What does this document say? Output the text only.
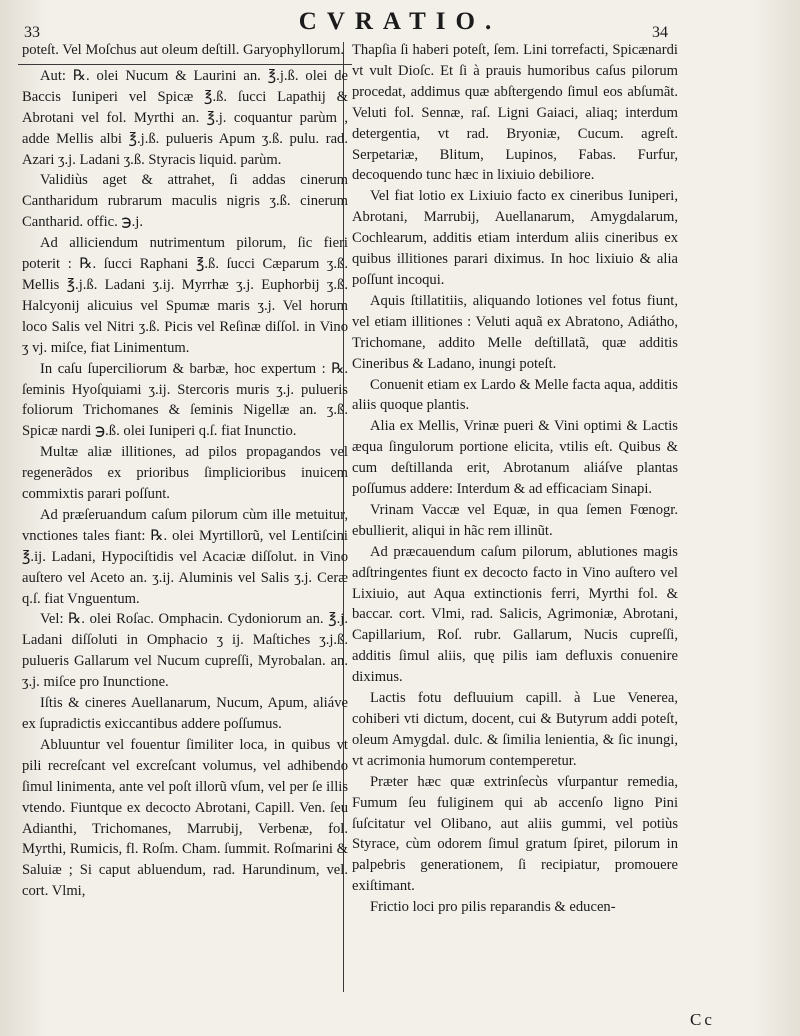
CVRATIO.
33	34

poteſt. Vel Moſchus aut oleum deſtill. Garyophyllorum.

Aut: ℞. olei Nucum & Laurini an. ℥.j.ß. olei de Baccis Iuniperi vel Spicæ ℥.ß. ſucci Lapathij & Abrotani vel fol. Myrthi an. ℥.j. coquantur parùm , adde Mellis albi ℥.j.ß. pulueris Apum ʒ.ß. pulu. rad. Azari ʒ.j. Ladani ʒ.ß. Styracis liquid. parùm.

Validiùs aget & attrahet, ſi addas cinerum Cantharidum rubrarum maculis nigris ʒ.ß. cinerum Cantharid. offic. ℈.j.

Ad alliciendum nutrimentum pilorum, ſic fieri poterit : ℞. ſucci Raphani ℥.ß. ſucci Cæparum ʒ.ß. Mellis ℥.j.ß. Ladani ʒ.ij. Myrrhæ ʒ.j. Euphorbij ʒ.ß. Halcyonij alicuius vel Spumæ maris ʒ.j. Vel horum loco Salis vel Nitri ʒ.ß. Picis vel Reſinæ diſſol. in Vino ʒ vj. miſce, fiat Linimentum.

In caſu ſuperciliorum & barbæ, hoc expertum : ℞. ſeminis Hyoſquiami ʒ.ij. Stercoris muris ʒ.j. pulueris foliorum Trichomanes & ſeminis Nigellæ an. ʒ.ß. Spicæ nardi ℈.ß. olei Iuniperi q.ſ. fiat Inunctio.

Multæ aliæ illitiones, ad pilos propagandos vel regenerãdos ex prioribus ſimplicioribus inuicem commixtis parari poſſunt.

Ad præſeruandum caſum pilorum cùm ille metuitur, vnctiones tales fiant: ℞. olei Myrtillorũ, vel Lentiſcini ℥.ij. Ladani, Hypociſtidis vel Acaciæ diſſolut. in Vino auſtero vel Aceto an. ʒ.ij. Aluminis vel Salis ʒ.j. Ceræ q.ſ. fiat Vnguentum.

Vel: ℞. olei Roſac. Omphacin. Cydoniorum an. ℥.j. Ladani diſſoluti in Omphacio ʒ ij. Maſtiches ʒ.j.ß. pulueris Gallarum vel Nucum cupreſſi, Myrobalan. an. ʒ.j. miſce pro Inunctione.

Iſtis & cineres Auellanarum, Nucum, Apum, aliáve ex ſupradictis exiccantibus addere poſſumus.

Abluuntur vel fouentur ſimiliter loca, in quibus vt pili recreſcant vel excreſcant volumus, vel adhibendo ſimul linimenta, ante vel poſt illorũ vſum, vel per ſe illis vtendo. Fiuntque ex decocto Abrotani, Capill. Ven. ſeu Adianthi, Trichomanes, Marrubij, Verbenæ, fol. Myrthi, Rumicis, fl. Roſm. Cham. ſummit. Roſmarini & Saluiæ ; Si caput abluendum, rad. Harundinum, vel. cort. Vlmi,

Thapſia ſi haberi poteſt, ſem. Lini torrefacti, Spicænardi vt vult Dioſc. Et ſi à prauis humoribus caſus pilorum procedat, addimus quæ abſtergendo ſimul eos abſumãt. Veluti fol. Sennæ, raſ. Ligni Gaiaci, aliaq; interdum detergentia, vt rad. Bryoniæ, Cucum. agreſt. Serpetariæ, Blitum, Lupinos, Fabas. Furfur, decoquendo tunc hæc in lixiuio debiliore.

Vel fiat lotio ex Lixiuio facto ex cineribus Iuniperi, Abrotani, Marrubij, Auellanarum, Amygdalarum, Cochlearum, additis etiam interdum aliis cineribus ex quibus illitiones parari diximus. In hoc lixiuio & alia poſſunt incoqui.

Aquis ſtillatitiis, aliquando lotiones vel fotus fiunt, vel etiam illitiones : Veluti aquã ex Abratono, Adiátho, Trichomane, addito Melle deſtillatã, quæ additis Cineribus & Ladano, inungi poteſt.

Conuenit etiam ex Lardo & Melle facta aqua, additis aliis quoque plantis.

Alia ex Mellis, Vrinæ pueri & Vini optimi & Lactis æqua ſingulorum portione elicita, vtilis eſt. Quibus & cum deſtillanda erit, Abrotanum aliáſve plantas poſſumus addere: Interdum & ad efficaciam Sinapi.

Vrinam Vaccæ vel Equæ, in qua ſemen Fœnogr. ebullierit, aliqui in hãc rem illinũt.

Ad præcauendum caſum pilorum, ablutiones magis adſtringentes fiunt ex decocto facto in Vino auſtero vel Lixiuio, aut Aqua extinctionis ferri, Myrthi fol. & baccar. cort. Vlmi, rad. Salicis, Agrimoniæ, Abrotani, Capillarium, Roſ. rubr. Gallarum, Nucis cupreſſi, additis ſimul aliis, quę pilis iam defluxis conuenire diximus.

Lactis fotu defluuium capill. à Lue Venerea, cohiberi vti dictum, docent, cui & Butyrum addi poteſt, oleum Amygdal. dulc. & ſimilia lenientia, & ſic inungi, vt acrimonia humorum contemperetur.

Præter hæc quæ extrinſecùs vſurpantur remedia, Fumum ſeu fuliginem qui ab accenſo ligno Pini ſuſcitatur vel Olibano, aut aliis gummi, vel potiùs Styrace, cùm odorem ſimul gratum ſpiret, pilorum in palpebris generationem, ſi recipiatur, promouere exiſtimant.

Frictio loci pro pilis reparandis & educen-

Cc
